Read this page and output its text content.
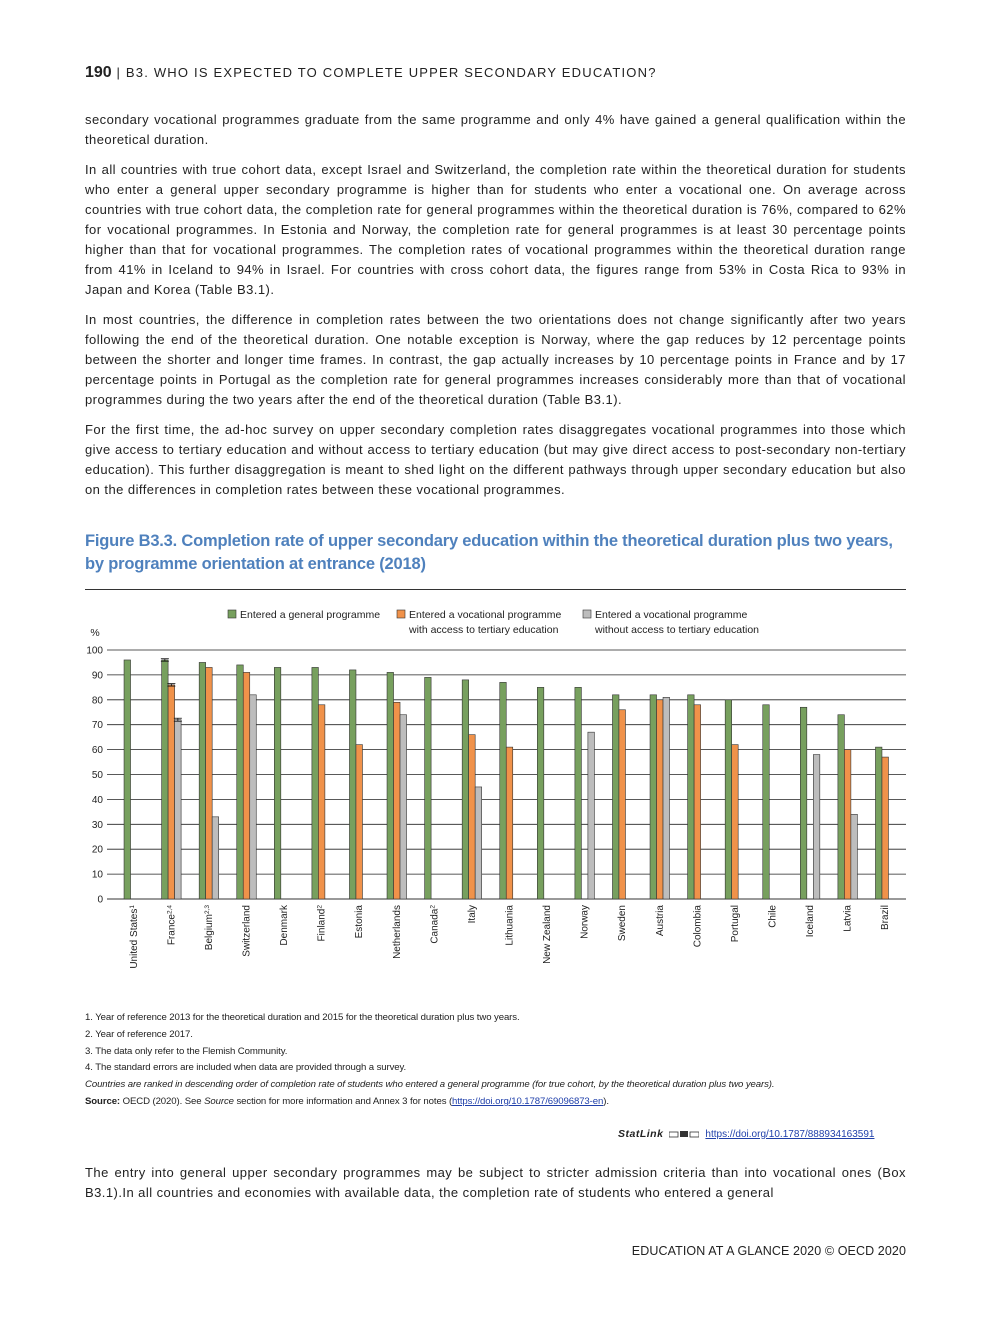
190 | B3. WHO IS EXPECTED TO COMPLETE UPPER SECONDARY EDUCATION?

secondary vocational programmes graduate from the same programme and only 4% have gained a general qualification within the theoretical duration.

In all countries with true cohort data, except Israel and Switzerland, the completion rate within the theoretical duration for students who enter a general upper secondary programme is higher than for students who enter a vocational one. On average across countries with true cohort data, the completion rate for general programmes within the theoretical duration is 76%, compared to 62% for vocational programmes. In Estonia and Norway, the completion rate for general programmes is at least 30 percentage points higher than that for vocational programmes. The completion rates of vocational programmes within the theoretical duration range from 41% in Iceland to 94% in Israel. For countries with cross cohort data, the figures range from 53% in Costa Rica to 93% in Japan and Korea (Table B3.1).

In most countries, the difference in completion rates between the two orientations does not change significantly after two years following the end of the theoretical duration. One notable exception is Norway, where the gap reduces by 12 percentage points between the shorter and longer time frames. In contrast, the gap actually increases by 10 percentage points in France and by 17 percentage points in Portugal as the completion rate for general programmes increases considerably more than that of vocational programmes during the two years after the end of the theoretical duration (Table B3.1).

For the first time, the ad-hoc survey on upper secondary completion rates disaggregates vocational programmes into those which give access to tertiary education and without access to tertiary education (but may give direct access to post-secondary non-tertiary education). This further disaggregation is meant to shed light on the different pathways through upper secondary education but also on the differences in completion rates between these vocational programmes.

Figure B3.3. Completion rate of upper secondary education within the theoretical duration plus two years, by programme orientation at entrance (2018)

0
10
20
30
40
50
60
70
80
90
100
%
Entered a general programme	Entered a vocational programme with access to tertiary education
Entered a vocational programme without access to tertiary education
United States$^1$
France$^{2,4}$
Belgium$^{2,3}$	Switzerland	Denmark	Finland$^2$	Estonia	Netherlands	Canada$^2$	Italy	Lithuania	New Zealand	Norway	Sweden	Austria	Colombia	Portugal	Chile	Iceland	Latvia	Brazil
1. Year of reference 2013 for the theoretical duration and 2015 for the theoretical duration plus two years.
2. Year of reference 2017.
3. The data only refer to the Flemish Community.
4. The standard errors are included when data are provided through a survey.
Countries are ranked in descending order of completion rate of students who entered a general programme (for true cohort, by the theoretical duration plus two years).
Source: OECD (2020). See Source section for more information and Annex 3 for notes (https://doi.org/10.1787/69096873-en).
StatLink	https://doi.org/10.1787/888934163591

The entry into general upper secondary programmes may be subject to stricter admission criteria than into vocational ones (Box B3.1).In all countries and economies with available data, the completion rate of students who entered a general

EDUCATION AT A GLANCE 2020 © OECD 2020
